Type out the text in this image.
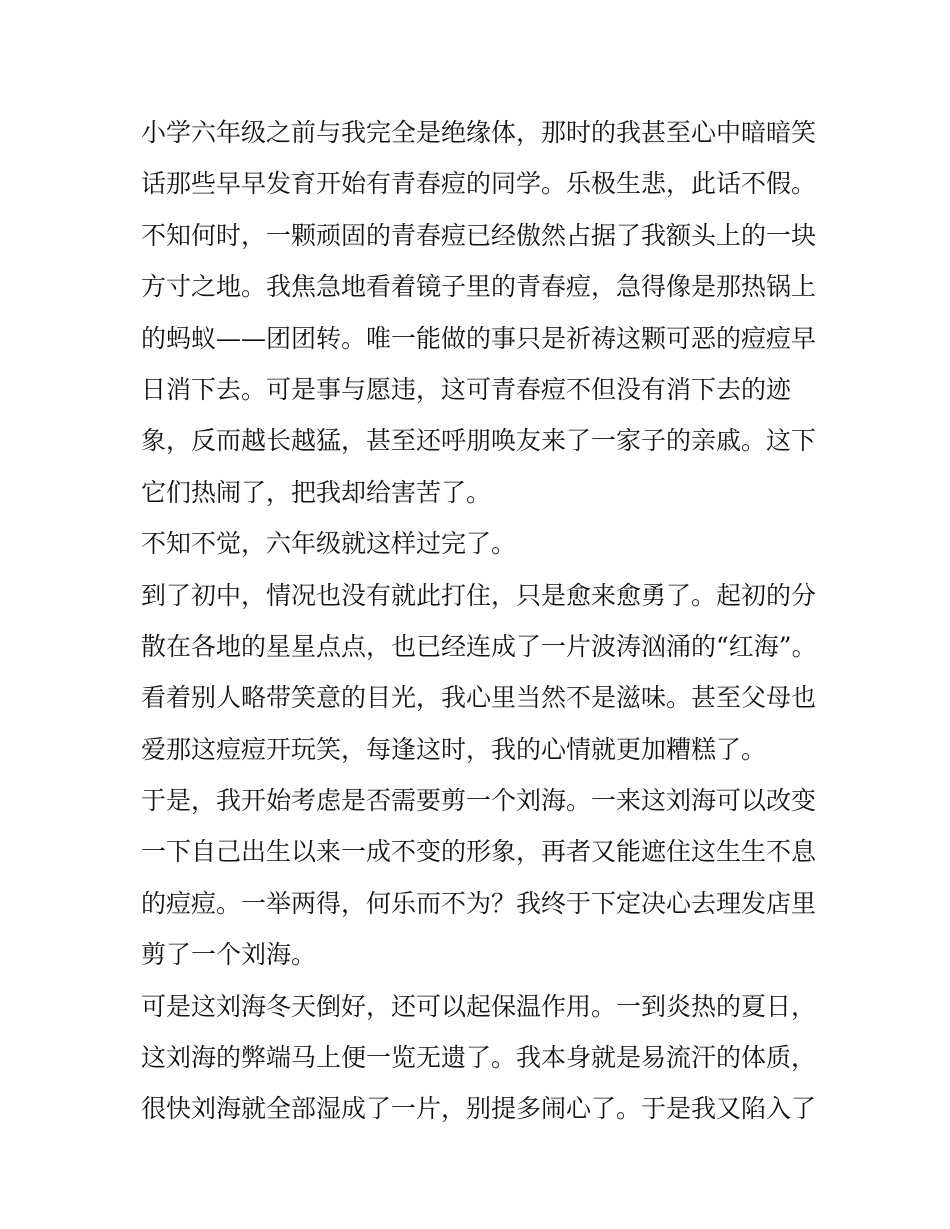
小学六年级之前与我完全是绝缘体，那时的我甚至心中暗暗笑
话那些早早发育开始有青春痘的同学。乐极生悲，此话不假。
不知何时，一颗顽固的青春痘已经傲然占据了我额头上的一块
方寸之地。我焦急地看着镜子里的青春痘，急得像是那热锅上
的蚂蚁——团团转。唯一能做的事只是祈祷这颗可恶的痘痘早
日消下去。可是事与愿违，这可青春痘不但没有消下去的迹
象，反而越长越猛，甚至还呼朋唤友来了一家子的亲戚。这下
它们热闹了，把我却给害苦了。

不知不觉，六年级就这样过完了。

到了初中，情况也没有就此打住，只是愈来愈勇了。起初的分
散在各地的星星点点，也已经连成了一片波涛汹涌的“红海”。
看着别人略带笑意的目光，我心里当然不是滋味。甚至父母也
爱那这痘痘开玩笑，每逢这时，我的心情就更加糟糕了。

于是，我开始考虑是否需要剪一个刘海。一来这刘海可以改变
一下自己出生以来一成不变的形象，再者又能遮住这生生不息
的痘痘。一举两得，何乐而不为？我终于下定决心去理发店里
剪了一个刘海。

可是这刘海冬天倒好，还可以起保温作用。一到炎热的夏日，
这刘海的弊端马上便一览无遗了。我本身就是易流汗的体质，
很快刘海就全部湿成了一片，别提多闹心了。于是我又陷入了
